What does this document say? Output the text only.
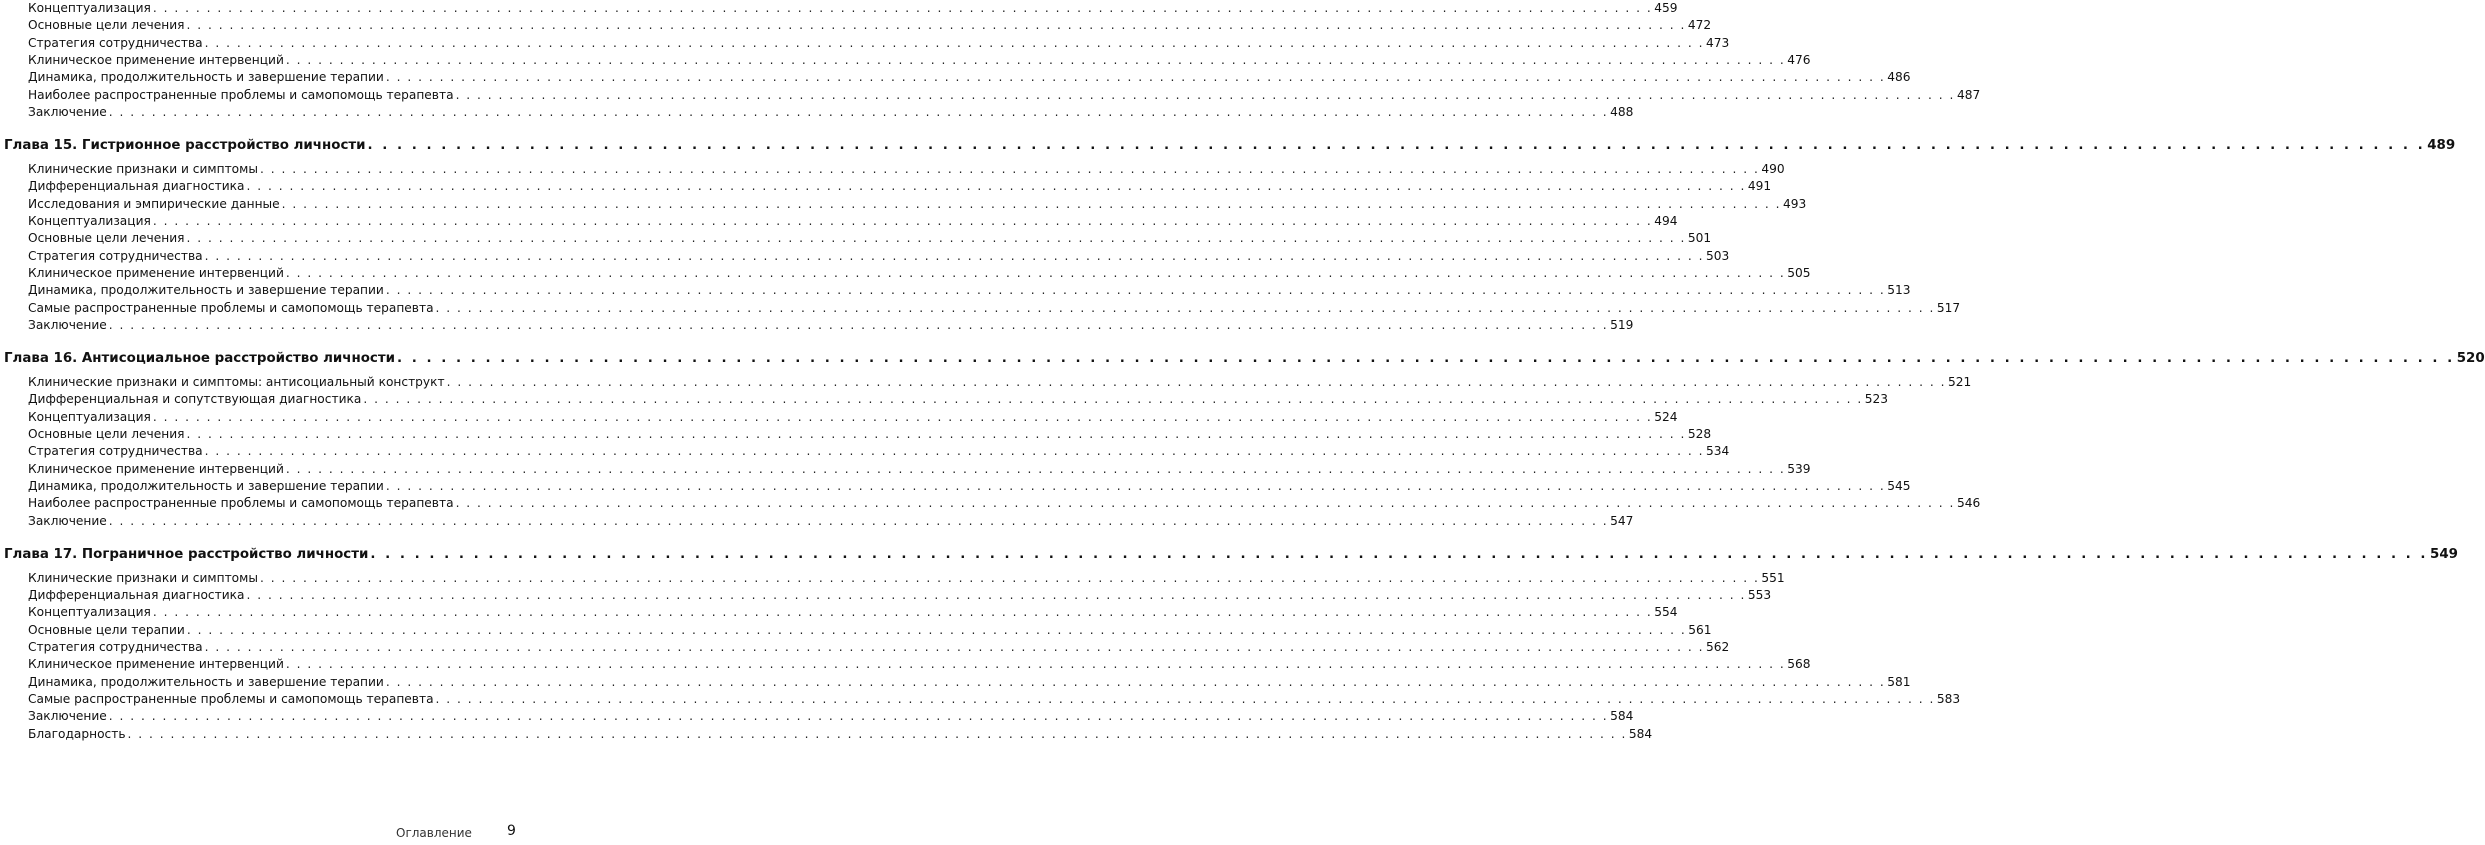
Концептуализация . . . . . . . . . . . . . . . . . . . . . . . . . . . . . . . . . . . . . . . . . . . . . . . . . . . . . . . . . . . . . . . . . . . . . . . . . . . . . . . . . . . . . . . . . . . . . . . . . . . . . . . . . . . . . . . . . . . . . . . . . . . . . . . . . . . . . . . . . . . . 459
Основные цели лечения . . . . . . . . . . . . . . . . . . . . . . . . . . . . . . . . . . . . . . . . . . . . . . . . . . . . . . . . . . . . . . . . . . . . . . . . . . . . . . . . . . . . . . . . . . . . . . . . . . . . . . . . . . . . . . . . . . . . . . . . . . . . . . . . . . . . . . . . . . . . 472
Стратегия сотрудничества . . . . . . . . . . . . . . . . . . . . . . . . . . . . . . . . . . . . . . . . . . . . . . . . . . . . . . . . . . . . . . . . . . . . . . . . . . . . . . . . . . . . . . . . . . . . . . . . . . . . . . . . . . . . . . . . . . . . . . . . . . . . . . . . . . . . . . . . . . . . 473
Клиническое применение интервенций . . . . . . . . . . . . . . . . . . . . . . . . . . . . . . . . . . . . . . . . . . . . . . . . . . . . . . . . . . . . . . . . . . . . . . . . . . . . . . . . . . . . . . . . . . . . . . . . . . . . . . . . . . . . . . . . . . . . . . . . . . . . . . . . . . . . . . . . . . . . 476
Динамика, продолжительность и завершение терапии . . . . . . . . . . . . . . . . . . . . . . . . . . . . . . . . . . . . . . . . . . . . . . . . . . . . . . . . . . . . . . . . . . . . . . . . . . . . . . . . . . . . . . . . . . . . . . . . . . . . . . . . . . . . . . . . . . . . . . . . . . . . . . . . . . . . . . . . . . . . 486
Наиболее распространенные проблемы и самопомощь терапевта . . . . . . . . . . . . . . . . . . . . . . . . . . . . . . . . . . . . . . . . . . . . . . . . . . . . . . . . . . . . . . . . . . . . . . . . . . . . . . . . . . . . . . . . . . . . . . . . . . . . . . . . . . . . . . . . . . . . . . . . . . . . . . . . . . . . . . . . . . . . 487
Заключение . . . . . . . . . . . . . . . . . . . . . . . . . . . . . . . . . . . . . . . . . . . . . . . . . . . . . . . . . . . . . . . . . . . . . . . . . . . . . . . . . . . . . . . . . . . . . . . . . . . . . . . . . . . . . . . . . . . . . . . . . . . . . . . . . . . . . . . . . . . . 488
Глава 15. Гистрионное расстройство личности . . . . . . . . . . . . . . . . . . . . . . . . . . . . . . . . . . . . . . . . . . . . . . . . . . . . . . . . . . . . . . . . . . . . . . . . . . . . . . . . . . . . . . . . . . . . . . . . . . . . . . . . . . . . . . . . . . . . . . . . . . . . . . . . . . . . . . . . . . . . 489
Клинические признаки и симптомы . . . . . . . . . . . . . . . . . . . . . . . . . . . . . . . . . . . . . . . . . . . . . . . . . . . . . . . . . . . . . . . . . . . . . . . . . . . . . . . . . . . . . . . . . . . . . . . . . . . . . . . . . . . . . . . . . . . . . . . . . . . . . . . . . . . . . . . . . . . . 490
Дифференциальная диагностика . . . . . . . . . . . . . . . . . . . . . . . . . . . . . . . . . . . . . . . . . . . . . . . . . . . . . . . . . . . . . . . . . . . . . . . . . . . . . . . . . . . . . . . . . . . . . . . . . . . . . . . . . . . . . . . . . . . . . . . . . . . . . . . . . . . . . . . . . . . . 491
Исследования и эмпирические данные . . . . . . . . . . . . . . . . . . . . . . . . . . . . . . . . . . . . . . . . . . . . . . . . . . . . . . . . . . . . . . . . . . . . . . . . . . . . . . . . . . . . . . . . . . . . . . . . . . . . . . . . . . . . . . . . . . . . . . . . . . . . . . . . . . . . . . . . . . . . 493
Концептуализация . . . . . . . . . . . . . . . . . . . . . . . . . . . . . . . . . . . . . . . . . . . . . . . . . . . . . . . . . . . . . . . . . . . . . . . . . . . . . . . . . . . . . . . . . . . . . . . . . . . . . . . . . . . . . . . . . . . . . . . . . . . . . . . . . . . . . . . . . . . . 494
Основные цели лечения . . . . . . . . . . . . . . . . . . . . . . . . . . . . . . . . . . . . . . . . . . . . . . . . . . . . . . . . . . . . . . . . . . . . . . . . . . . . . . . . . . . . . . . . . . . . . . . . . . . . . . . . . . . . . . . . . . . . . . . . . . . . . . . . . . . . . . . . . . . . 501
Стратегия сотрудничества . . . . . . . . . . . . . . . . . . . . . . . . . . . . . . . . . . . . . . . . . . . . . . . . . . . . . . . . . . . . . . . . . . . . . . . . . . . . . . . . . . . . . . . . . . . . . . . . . . . . . . . . . . . . . . . . . . . . . . . . . . . . . . . . . . . . . . . . . . . . 503
Клиническое применение интервенций . . . . . . . . . . . . . . . . . . . . . . . . . . . . . . . . . . . . . . . . . . . . . . . . . . . . . . . . . . . . . . . . . . . . . . . . . . . . . . . . . . . . . . . . . . . . . . . . . . . . . . . . . . . . . . . . . . . . . . . . . . . . . . . . . . . . . . . . . . . . 505
Динамика, продолжительность и завершение терапии . . . . . . . . . . . . . . . . . . . . . . . . . . . . . . . . . . . . . . . . . . . . . . . . . . . . . . . . . . . . . . . . . . . . . . . . . . . . . . . . . . . . . . . . . . . . . . . . . . . . . . . . . . . . . . . . . . . . . . . . . . . . . . . . . . . . . . . . . . . . 513
Самые распространенные проблемы и самопомощь терапевта . . . . . . . . . . . . . . . . . . . . . . . . . . . . . . . . . . . . . . . . . . . . . . . . . . . . . . . . . . . . . . . . . . . . . . . . . . . . . . . . . . . . . . . . . . . . . . . . . . . . . . . . . . . . . . . . . . . . . . . . . . . . . . . . . . . . . . . . . . . . 517
Заключение . . . . . . . . . . . . . . . . . . . . . . . . . . . . . . . . . . . . . . . . . . . . . . . . . . . . . . . . . . . . . . . . . . . . . . . . . . . . . . . . . . . . . . . . . . . . . . . . . . . . . . . . . . . . . . . . . . . . . . . . . . . . . . . . . . . . . . . . . . . . 519
Глава 16. Антисоциальное расстройство личности . . . . . . . . . . . . . . . . . . . . . . . . . . . . . . . . . . . . . . . . . . . . . . . . . . . . . . . . . . . . . . . . . . . . . . . . . . . . . . . . . . . . . . . . . . . . . . . . . . . . . . . . . . . . . . . . . . . . . . . . . . . . . . . . . . . . . . . . . . . . 520
Клинические признаки и симптомы: антисоциальный конструкт . . . . . . . . . . . . . . . . . . . . . . . . . . . . . . . . . . . . . . . . . . . . . . . . . . . . . . . . . . . . . . . . . . . . . . . . . . . . . . . . . . . . . . . . . . . . . . . . . . . . . . . . . . . . . . . . . . . . . . . . . . . . . . . . . . . . . . . . . . . . 521
Дифференциальная и сопутствующая диагностика . . . . . . . . . . . . . . . . . . . . . . . . . . . . . . . . . . . . . . . . . . . . . . . . . . . . . . . . . . . . . . . . . . . . . . . . . . . . . . . . . . . . . . . . . . . . . . . . . . . . . . . . . . . . . . . . . . . . . . . . . . . . . . . . . . . . . . . . . . . . 523
Концептуализация . . . . . . . . . . . . . . . . . . . . . . . . . . . . . . . . . . . . . . . . . . . . . . . . . . . . . . . . . . . . . . . . . . . . . . . . . . . . . . . . . . . . . . . . . . . . . . . . . . . . . . . . . . . . . . . . . . . . . . . . . . . . . . . . . . . . . . . . . . . . 524
Основные цели лечения . . . . . . . . . . . . . . . . . . . . . . . . . . . . . . . . . . . . . . . . . . . . . . . . . . . . . . . . . . . . . . . . . . . . . . . . . . . . . . . . . . . . . . . . . . . . . . . . . . . . . . . . . . . . . . . . . . . . . . . . . . . . . . . . . . . . . . . . . . . . 528
Стратегия сотрудничества . . . . . . . . . . . . . . . . . . . . . . . . . . . . . . . . . . . . . . . . . . . . . . . . . . . . . . . . . . . . . . . . . . . . . . . . . . . . . . . . . . . . . . . . . . . . . . . . . . . . . . . . . . . . . . . . . . . . . . . . . . . . . . . . . . . . . . . . . . . . 534
Клиническое применение интервенций . . . . . . . . . . . . . . . . . . . . . . . . . . . . . . . . . . . . . . . . . . . . . . . . . . . . . . . . . . . . . . . . . . . . . . . . . . . . . . . . . . . . . . . . . . . . . . . . . . . . . . . . . . . . . . . . . . . . . . . . . . . . . . . . . . . . . . . . . . . . 539
Динамика, продолжительность и завершение терапии . . . . . . . . . . . . . . . . . . . . . . . . . . . . . . . . . . . . . . . . . . . . . . . . . . . . . . . . . . . . . . . . . . . . . . . . . . . . . . . . . . . . . . . . . . . . . . . . . . . . . . . . . . . . . . . . . . . . . . . . . . . . . . . . . . . . . . . . . . . . 545
Наиболее распространенные проблемы и самопомощь терапевта . . . . . . . . . . . . . . . . . . . . . . . . . . . . . . . . . . . . . . . . . . . . . . . . . . . . . . . . . . . . . . . . . . . . . . . . . . . . . . . . . . . . . . . . . . . . . . . . . . . . . . . . . . . . . . . . . . . . . . . . . . . . . . . . . . . . . . . . . . . . 546
Заключение . . . . . . . . . . . . . . . . . . . . . . . . . . . . . . . . . . . . . . . . . . . . . . . . . . . . . . . . . . . . . . . . . . . . . . . . . . . . . . . . . . . . . . . . . . . . . . . . . . . . . . . . . . . . . . . . . . . . . . . . . . . . . . . . . . . . . . . . . . . . 547
Глава 17. Пограничное расстройство личности . . . . . . . . . . . . . . . . . . . . . . . . . . . . . . . . . . . . . . . . . . . . . . . . . . . . . . . . . . . . . . . . . . . . . . . . . . . . . . . . . . . . . . . . . . . . . . . . . . . . . . . . . . . . . . . . . . . . . . . . . . . . . . . . . . . . . . . . . . . . 549
Клинические признаки и симптомы . . . . . . . . . . . . . . . . . . . . . . . . . . . . . . . . . . . . . . . . . . . . . . . . . . . . . . . . . . . . . . . . . . . . . . . . . . . . . . . . . . . . . . . . . . . . . . . . . . . . . . . . . . . . . . . . . . . . . . . . . . . . . . . . . . . . . . . . . . . . 551
Дифференциальная диагностика . . . . . . . . . . . . . . . . . . . . . . . . . . . . . . . . . . . . . . . . . . . . . . . . . . . . . . . . . . . . . . . . . . . . . . . . . . . . . . . . . . . . . . . . . . . . . . . . . . . . . . . . . . . . . . . . . . . . . . . . . . . . . . . . . . . . . . . . . . . . 553
Концептуализация . . . . . . . . . . . . . . . . . . . . . . . . . . . . . . . . . . . . . . . . . . . . . . . . . . . . . . . . . . . . . . . . . . . . . . . . . . . . . . . . . . . . . . . . . . . . . . . . . . . . . . . . . . . . . . . . . . . . . . . . . . . . . . . . . . . . . . . . . . . . 554
Основные цели терапии . . . . . . . . . . . . . . . . . . . . . . . . . . . . . . . . . . . . . . . . . . . . . . . . . . . . . . . . . . . . . . . . . . . . . . . . . . . . . . . . . . . . . . . . . . . . . . . . . . . . . . . . . . . . . . . . . . . . . . . . . . . . . . . . . . . . . . . . . . . . 561
Стратегия сотрудничества . . . . . . . . . . . . . . . . . . . . . . . . . . . . . . . . . . . . . . . . . . . . . . . . . . . . . . . . . . . . . . . . . . . . . . . . . . . . . . . . . . . . . . . . . . . . . . . . . . . . . . . . . . . . . . . . . . . . . . . . . . . . . . . . . . . . . . . . . . . . 562
Клиническое применение интервенций . . . . . . . . . . . . . . . . . . . . . . . . . . . . . . . . . . . . . . . . . . . . . . . . . . . . . . . . . . . . . . . . . . . . . . . . . . . . . . . . . . . . . . . . . . . . . . . . . . . . . . . . . . . . . . . . . . . . . . . . . . . . . . . . . . . . . . . . . . . . 568
Динамика, продолжительность и завершение терапии . . . . . . . . . . . . . . . . . . . . . . . . . . . . . . . . . . . . . . . . . . . . . . . . . . . . . . . . . . . . . . . . . . . . . . . . . . . . . . . . . . . . . . . . . . . . . . . . . . . . . . . . . . . . . . . . . . . . . . . . . . . . . . . . . . . . . . . . . . . . 581
Самые распространенные проблемы и самопомощь терапевта . . . . . . . . . . . . . . . . . . . . . . . . . . . . . . . . . . . . . . . . . . . . . . . . . . . . . . . . . . . . . . . . . . . . . . . . . . . . . . . . . . . . . . . . . . . . . . . . . . . . . . . . . . . . . . . . . . . . . . . . . . . . . . . . . . . . . . . . . . . . 583
Заключение . . . . . . . . . . . . . . . . . . . . . . . . . . . . . . . . . . . . . . . . . . . . . . . . . . . . . . . . . . . . . . . . . . . . . . . . . . . . . . . . . . . . . . . . . . . . . . . . . . . . . . . . . . . . . . . . . . . . . . . . . . . . . . . . . . . . . . . . . . . . 584
Благодарность . . . . . . . . . . . . . . . . . . . . . . . . . . . . . . . . . . . . . . . . . . . . . . . . . . . . . . . . . . . . . . . . . . . . . . . . . . . . . . . . . . . . . . . . . . . . . . . . . . . . . . . . . . . . . . . . . . . . . . . . . . . . . . . . . . . . . . . . . . . . 584
Оглавление	9
